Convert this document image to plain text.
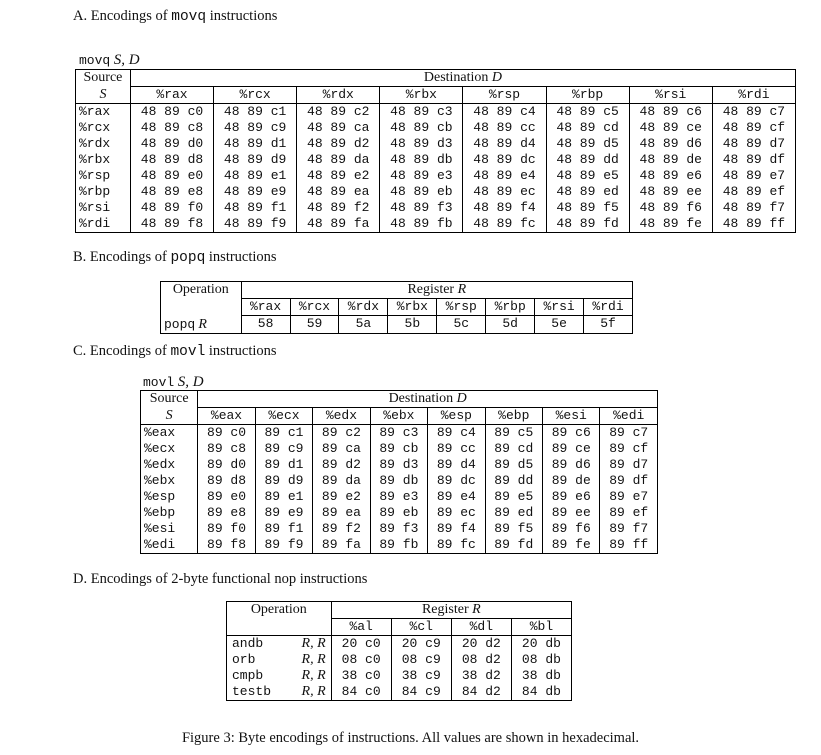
A. Encodings of movq instructions
movq S, D
Source	Destination D							
S	%rax	%rcx	%rdx	%rbx	%rsp	%rbp	%rsi	%rdi
%rax	48 89 c0	48 89 c1	48 89 c2	48 89 c3	48 89 c4	48 89 c5	48 89 c6	48 89 c7
%rcx	48 89 c8	48 89 c9	48 89 ca	48 89 cb	48 89 cc	48 89 cd	48 89 ce	48 89 cf
%rdx	48 89 d0	48 89 d1	48 89 d2	48 89 d3	48 89 d4	48 89 d5	48 89 d6	48 89 d7
%rbx	48 89 d8	48 89 d9	48 89 da	48 89 db	48 89 dc	48 89 dd	48 89 de	48 89 df
%rsp	48 89 e0	48 89 e1	48 89 e2	48 89 e3	48 89 e4	48 89 e5	48 89 e6	48 89 e7
%rbp	48 89 e8	48 89 e9	48 89 ea	48 89 eb	48 89 ec	48 89 ed	48 89 ee	48 89 ef
%rsi	48 89 f0	48 89 f1	48 89 f2	48 89 f3	48 89 f4	48 89 f5	48 89 f6	48 89 f7
%rdi	48 89 f8	48 89 f9	48 89 fa	48 89 fb	48 89 fc	48 89 fd	48 89 fe	48 89 ff
B. Encodings of popq instructions
Operation	Register R							
	%rax	%rcx	%rdx	%rbx	%rsp	%rbp	%rsi	%rdi
popq R	58	59	5a	5b	5c	5d	5e	5f
C. Encodings of movl instructions
Source	Destination D							
S	%eax	%ecx	%edx	%ebx	%esp	%ebp	%esi	%edi
%eax	89 c0	89 c1	89 c2	89 c3	89 c4	89 c5	89 c6	89 c7
%ecx	89 c8	89 c9	89 ca	89 cb	89 cc	89 cd	89 ce	89 cf
%edx	89 d0	89 d1	89 d2	89 d3	89 d4	89 d5	89 d6	89 d7
%ebx	89 d8	89 d9	89 da	89 db	89 dc	89 dd	89 de	89 df
%esp	89 e0	89 e1	89 e2	89 e3	89 e4	89 e5	89 e6	89 e7
%ebp	89 e8	89 e9	89 ea	89 eb	89 ec	89 ed	89 ee	89 ef
%esi	89 f0	89 f1	89 f2	89 f3	89 f4	89 f5	89 f6	89 f7
%edi	89 f8	89 f9	89 fa	89 fb	89 fc	89 fd	89 fe	89 ff
movl S, D
D. Encodings of 2-byte functional nop instructions
Operation		Register R			
		%al	%cl	%dl	%bl
andb	R, R	20 c0	20 c9	20 d2	20 db
orb	R, R	08 c0	08 c9	08 d2	08 db
cmpb	R, R	38 c0	38 c9	38 d2	38 db
testb	R, R	84 c0	84 c9	84 d2	84 db
Figure 3: Byte encodings of instructions. All values are shown in hexadecimal.
